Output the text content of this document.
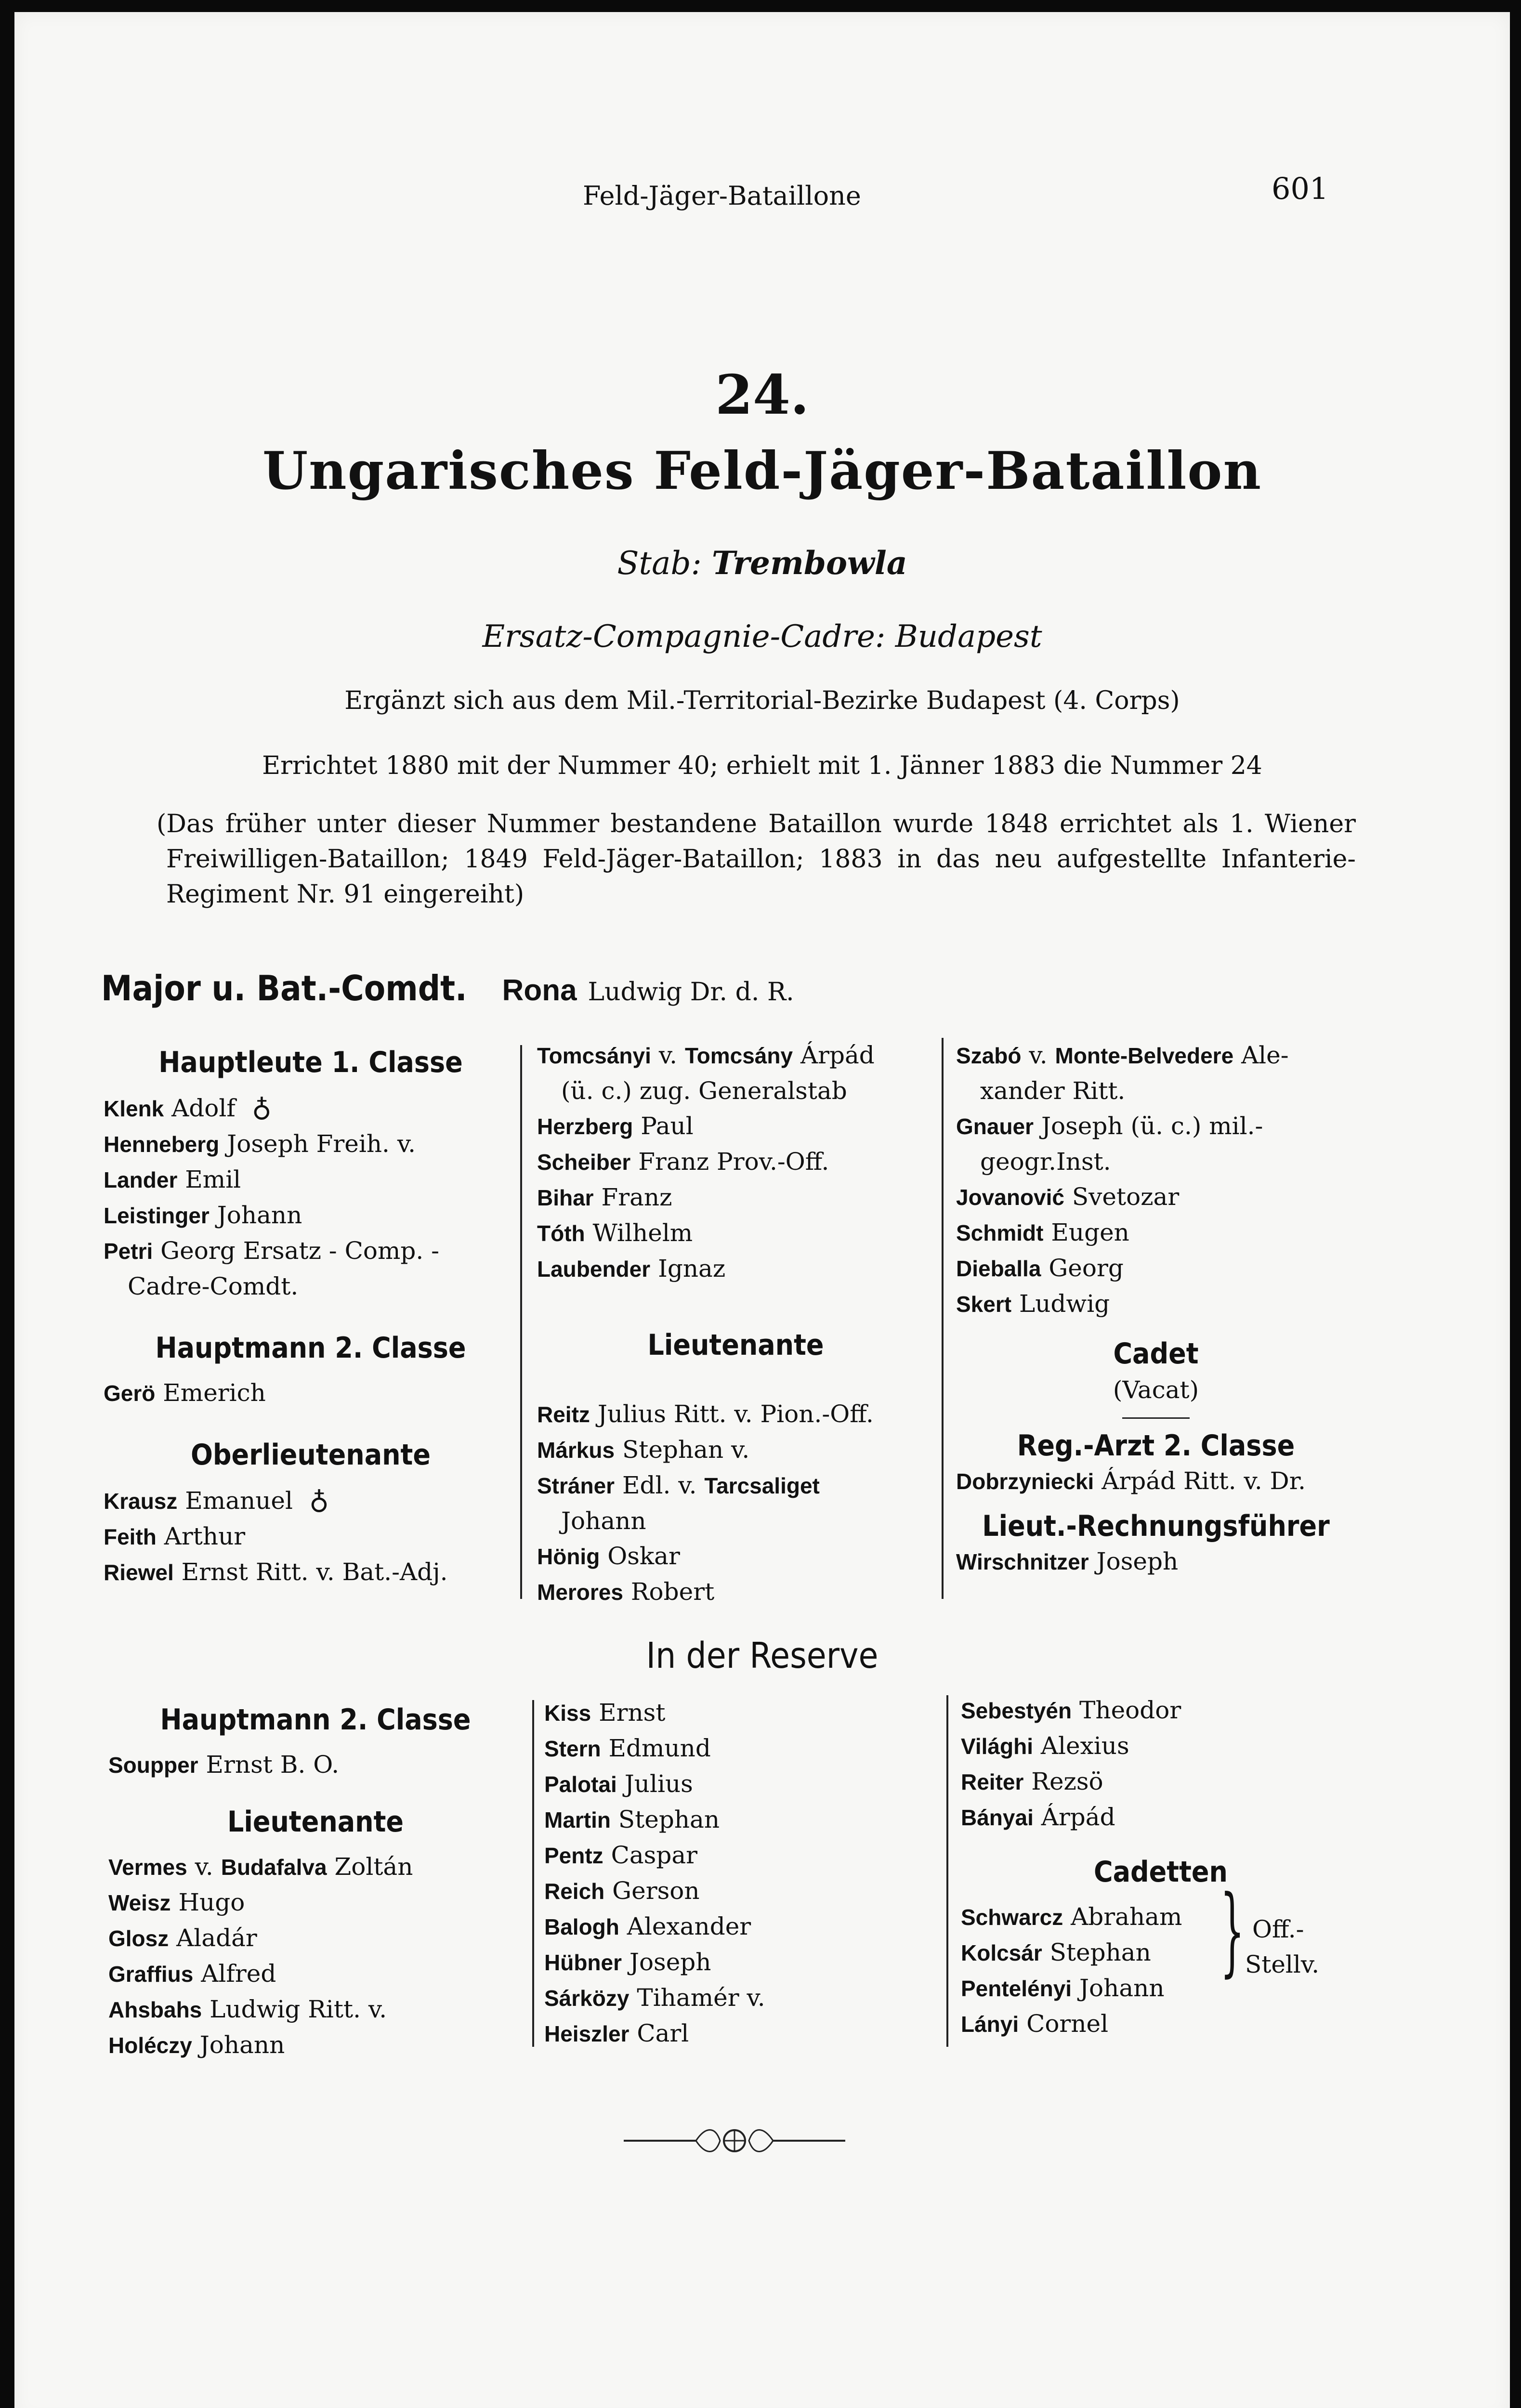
Feld-Jäger-Bataillone	601
24.
Ungarisches Feld-Jäger-Bataillon
Stab: Trembowla
Ersatz-Compagnie-Cadre: Budapest
Ergänzt sich aus dem Mil.-Territorial-Bezirke Budapest (4. Corps)
Errichtet 1880 mit der Nummer 40; erhielt mit 1. Jänner 1883 die Nummer 24
(Das früher unter dieser Nummer bestandene Bataillon wurde 1848 errichtet als 1. Wiener Freiwilligen-Bataillon; 1849 Feld-Jäger-Bataillon; 1883 in das neu aufgestellte Infanterie-Regiment Nr. 91 eingereiht)
Major u. Bat.-Comdt. Rona Ludwig Dr. d. R.
Hauptleute 1. Classe
Klenk Adolf ♁
Henneberg Joseph Freih. v.
Lander Emil
Leistinger Johann
Petri Georg Ersatz - Comp. -
Cadre-Comdt.
Hauptmann 2. Classe
Gerö Emerich
Oberlieutenante
Krausz Emanuel ♁
Feith Arthur
Riewel Ernst Ritt. v. Bat.-Adj.
Tomcsányi v. Tomcsány Árpád
(ü. c.) zug. Generalstab
Herzberg Paul
Scheiber Franz Prov.-Off.
Bihar Franz
Tóth Wilhelm
Laubender Ignaz
Lieutenante
Reitz Julius Ritt. v. Pion.-Off.
Márkus Stephan v.
Stráner Edl. v. Tarcsaliget
Johann
Hönig Oskar
Merores Robert
Szabó v. Monte-Belvedere Ale-
xander Ritt.
Gnauer Joseph (ü. c.) mil.-
geogr.Inst.
Jovanović Svetozar
Schmidt Eugen
Dieballa Georg
Skert Ludwig
Cadet
(Vacat)
Reg.-Arzt 2. Classe
Dobrzyniecki Árpád Ritt. v. Dr.
Lieut.-Rechnungsführer
Wirschnitzer Joseph
In der Reserve
Hauptmann 2. Classe
Soupper Ernst B. O.
Lieutenante
Vermes v. Budafalva Zoltán
Weisz Hugo
Glosz Aladár
Graffius Alfred
Ahsbahs Ludwig Ritt. v.
Holéczy Johann
Kiss Ernst
Stern Edmund
Palotai Julius
Martin Stephan
Pentz Caspar
Reich Gerson
Balogh Alexander
Hübner Joseph
Sárközy Tihamér v.
Heiszler Carl
Sebestyén Theodor
Világhi Alexius
Reiter Rezsö
Bányai Árpád
Cadetten
Schwarcz Abraham
Kolcsár Stephan
Pentelényi Johann
Lányi Cornel
} Off.-
Stellv.
